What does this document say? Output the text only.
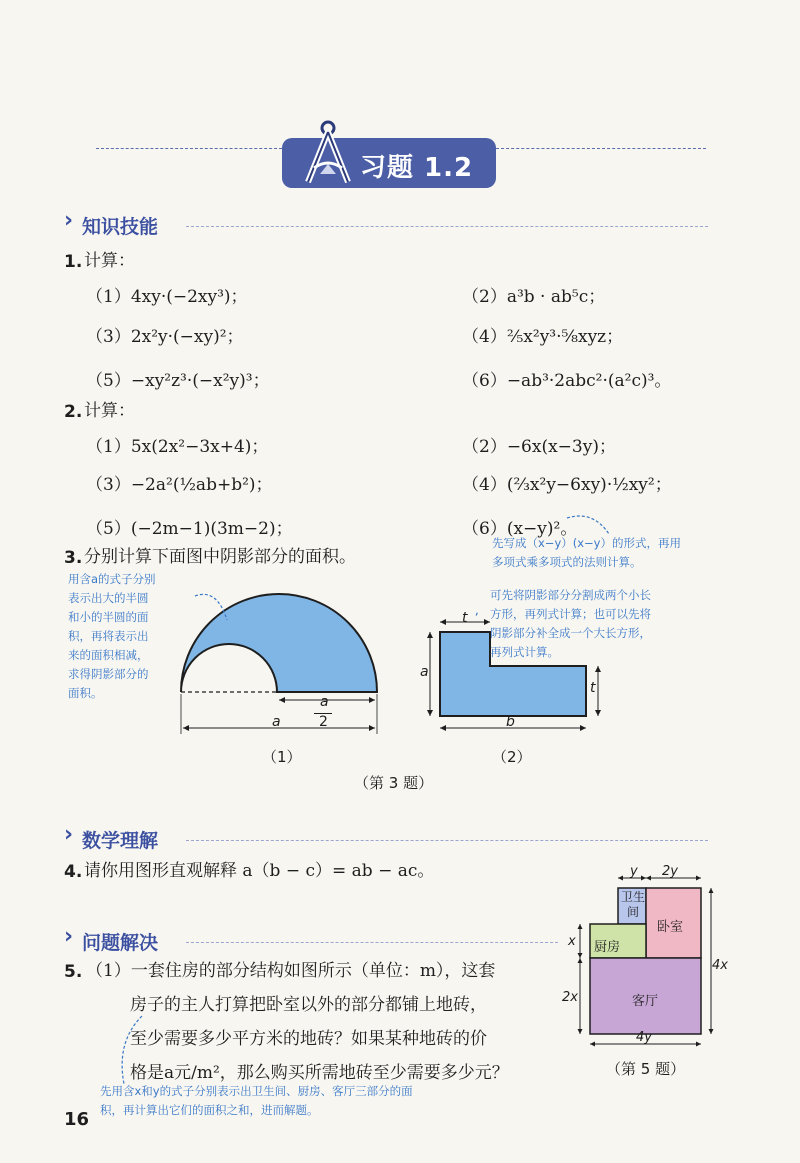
习题 1.2
› 知识技能
1. 计算：
（1）4xy·(−2xy³)；	（2）a³b · ab⁵c；
（3）2x²y·(−xy)²；	（4）⅖x²y³·⅝xyz；
（5）−xy²z³·(−x²y)³；	（6）−ab³·2abc²·(a²c)³。
2. 计算：
（1）5x(2x²−3x+4)；	（2）−6x(x−3y)；
（3）−2a²(½ab+b²)；	（4）(⅔x²y−6xy)·½xy²；
（5）(−2m−1)(3m−2)；	（6）(x−y)²。
先写成（x−y）(x−y）的形式，再用
多项式乘多项式的法则计算。
3. 分别计算下面图中阴影部分的面积。
用含a的式子分别
表示出大的半圆
和小的半圆的面
积，再将表示出
来的面积相减，
求得阴影部分的
面积。
a
2
a
（1）
t
a
t
b
（2）
可先将阴影部分分割成两个小长
方形，再列式计算；也可以先将
阴影部分补全成一个大长方形，
再列式计算。
（第 3 题）
› 数学理解
4. 请你用图形直观解释 a（b − c）= ab − ac。
› 问题解决
5. （1）一套住房的部分结构如图所示（单位：m），这套
房子的主人打算把卧室以外的部分都铺上地砖，
至少需要多少平方米的地砖？如果某种地砖的价
格是a元/m²，那么购买所需地砖至少需要多少元？
先用含x和y的式子分别表示出卫生间、厨房、客厅三部分的面
积，再计算出它们的面积之和，进而解题。
y 2y
卫生
间
卧室
厨房
客厅
x
2x
4x
4y
（第 5 题）
16
